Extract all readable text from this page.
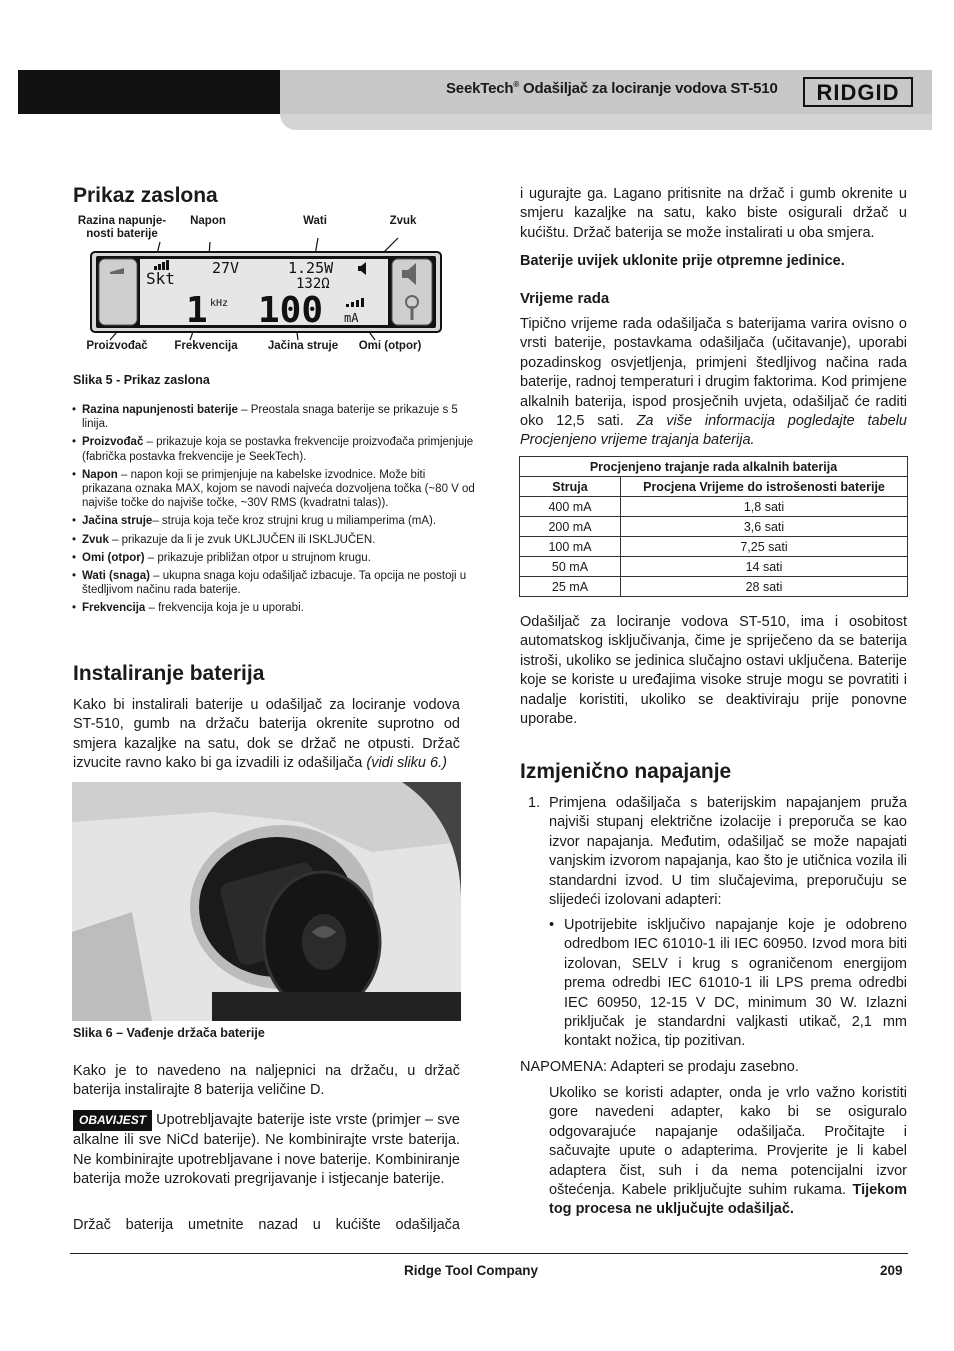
SeekTech® Odašiljač za lociranje vodova ST-510 RIDGID
Prikaz zaslona
Razina napunje-
nosti baterije
Napon	Wati	Zvuk
Skt
27V	1.25W
132Ω
1 kHz 100 mA
Proizvođač	Frekvencija	Jačina struje	Omi (otpor)
Slika 5 - Prikaz zaslona
• Razina napunjenosti baterije – Preostala snaga baterije se prikazuje s 5 linija.
• Proizvođač – prikazuje koja se postavka frekvencije proizvođača primjenjuje (fabrička postavka frekvencije je SeekTech).
• Napon – napon koji se primjenjuje na kabelske izvodnice. Može biti prikazana oznaka MAX, kojom se navodi najveća dozvoljena točka (~80 V od najviše točke do najviše točke, ~30V RMS (kvadratni talas)).
• Jačina struje– struja koja teče kroz strujni krug u miliamperima (mA).
• Zvuk – prikazuje da li je zvuk UKLJUČEN ili ISKLJUČEN.
• Omi (otpor) – prikazuje približan otpor u strujnom krugu.
• Wati (snaga) – ukupna snaga koju odašiljač izbacuje. Ta opcija ne postoji u štedljivom načinu rada baterije.
• Frekvencija – frekvencija koja je u uporabi.
Instaliranje baterija
Kako bi instalirali baterije u odašiljač za lociranje vodova ST-510, gumb na držaču baterija okrenite suprotno od smjera kazaljke na satu, dok se držač ne otpusti. Držač izvucite ravno kako bi ga izvadili iz odašiljača (vidi sliku 6.)
Slika 6 – Vađenje držača baterije
Kako je to navedeno na naljepnici na držaču, u držač baterija instalirajte 8 baterija veličine D.
OBAVIJEST Upotrebljavajte baterije iste vrste (primjer – sve alkalne ili sve NiCd baterije). Ne kombinirajte vrste baterija. Ne kombinirajte upotrebljavane i nove baterije. Kombiniranje baterija može uzrokovati pregrijavanje i istjecanje baterije.
Držač baterija umetnite nazad u kućište odašiljača
i ugurajte ga. Lagano pritisnite na držač i gumb okrenite u smjeru kazaljke na satu, kako biste osigurali držač u kućištu. Držač baterija se može instalirati u oba smjera.
Baterije uvijek uklonite prije otpremne jedinice.
Vrijeme rada
Tipično vrijeme rada odašiljača s baterijama varira ovisno o vrsti baterije, postavkama odašiljača (učitavanje), uporabi pozadinskog osvjetljenja, primjeni štedljivog načina rada baterije, radnoj temperaturi i drugim faktorima. Kod primjene alkalnih baterija, ispod prosječnih uvjeta, odašiljač će raditi oko 12,5 sati. Za više informacija pogledajte tabelu Procjenjeno vrijeme trajanja baterija.
Procjenjeno trajanje rada alkalnih baterija	
Struja	Procjena Vrijeme do istrošenosti baterije
400 mA	1,8 sati
200 mA	3,6 sati
100 mA	7,25 sati
50 mA	14 sati
25 mA	28 sati
Odašiljač za lociranje vodova ST-510, ima i osobitost automatskog isključivanja, čime je spriječeno da se baterija istroši, ukoliko se jedinica slučajno ostavi uključena. Baterije koje se koriste u uređajima visoke struje mogu se povratiti i nadalje koristiti, ukoliko se deaktiviraju prije ponovne uporabe.
Izmjenično napajanje
1. Primjena odašiljača s baterijskim napajanjem pruža najviši stupanj električne izolacije i preporuča se kao izvor napajanja. Međutim, odašiljač se može napajati vanjskim izvorom napajanja, kao što je utičnica vozila ili standardni izvod. U tim slučajevima, preporučuju se slijedeći izolovani adapteri:
• Upotrijebite isključivo napajanje koje je odobreno odredbom IEC 61010-1 ili IEC 60950. Izvod mora biti izolovan, SELV i krug s ograničenom energijom prema odredbi IEC 61010-1 ili LPS prema odredbi IEC 60950, 12-15 V DC, minimum 30 W. Izlazni priključak je standardni valjkasti utikač, 2,1 mm kontakt nožica, tip pozitivan.
NAPOMENA: Adapteri se prodaju zasebno.
Ukoliko se koristi adapter, onda je vrlo važno koristiti gore navedeni adapter, kako bi se osiguralo odgovarajuće napajanje odašiljača. Pročitajte i sačuvajte upute o adapterima. Provjerite je li kabel adaptera čist, suh i da nema potencijalni izvor oštećenja. Kabele priključujte suhim rukama. Tijekom tog procesa ne uključujte odašiljač.
Ridge Tool Company	209
